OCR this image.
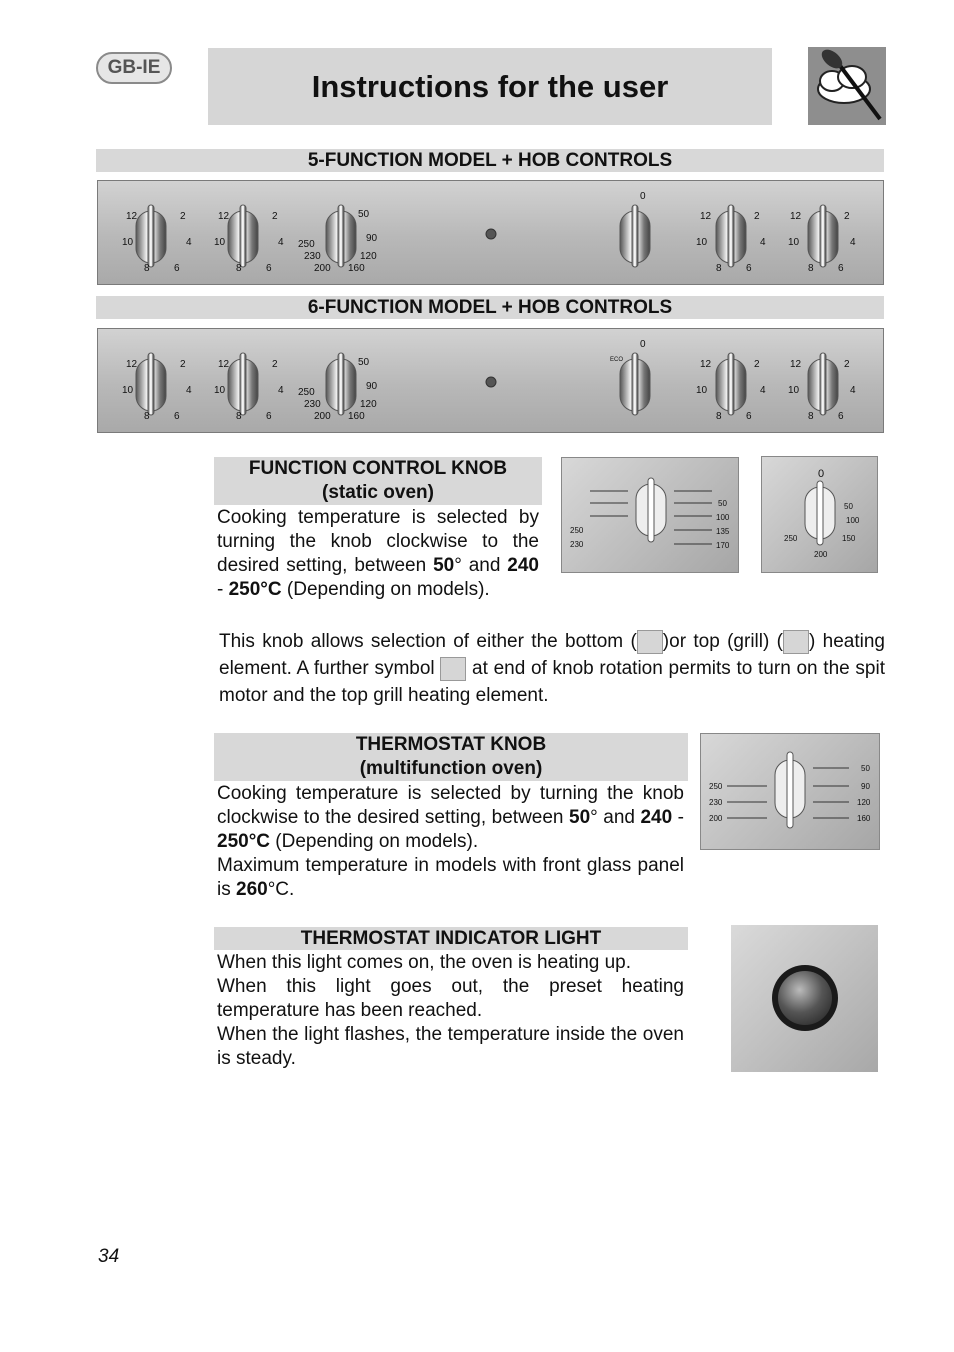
GB-IE
Instructions for the user
5-FUNCTION MODEL + HOB CONTROLS
12	2
10	4
8 6
12	2
10	4
8 6
50
90
120
160
200
230
250
0
12	2
10	4
8 6
12	2
10	4
8 6
6-FUNCTION MODEL + HOB CONTROLS
12	2
10	4
8 6
12	2
10	4
8 6
50
90
120
160
200
230
250
0
ECO	12	2
10	4
8 6
12	2
10	4
8 6
FUNCTION CONTROL KNOB
(static oven)
Cooking temperature is selected by turning the knob clockwise to the desired setting, between 50° and 240 - 250°C (Depending on models).
50
100
135
170
250
230
0
50
100
150
200
250
This knob allows selection of either the bottom ( )or top (grill) ( ) heating element. A further symbol  at end of knob rotation permits to turn on the spit motor and the top grill heating element.
THERMOSTAT KNOB
(multifunction oven)
Cooking temperature is selected by turning the knob clockwise to the desired setting, between 50° and 240 - 250°C (Depending on models).
Maximum temperature in models with front glass panel is 260°C.
50
90
120
160
250
230
200
THERMOSTAT INDICATOR LIGHT
When this light comes on, the oven is heating up.
When this light goes out, the preset heating temperature has been reached.
When the light flashes, the temperature inside the oven is steady.
34
